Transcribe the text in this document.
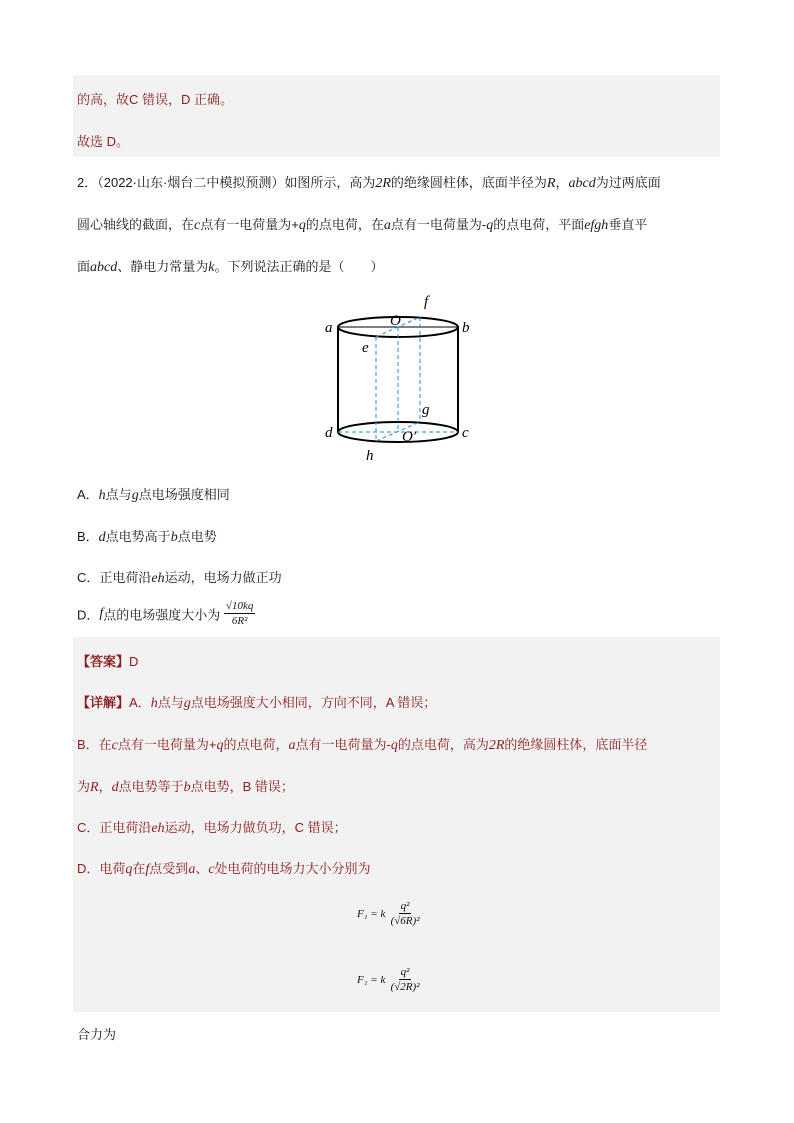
的高，故C 错误，D 正确。
故选 D。
2．（2022·山东·烟台二中模拟预测）如图所示，高为2R的绝缘圆柱体，底面半径为R，abcd为过两底面
圆心轴线的截面，在c点有一电荷量为+q的点电荷，在a点有一电荷量为-q的点电荷，平面efgh垂直平
面abcd、静电力常量为k。下列说法正确的是（　　）
a	b
d	c
e
f
g
h
O
O′
A．h点与g点电场强度相同
B．d点电势高于b点电势
C．正电荷沿eh运动，电场力做正功
D．f点的电场强度大小为 $\frac{√10kq}{\text{6R²}}$
【答案】D
【详解】A．h点与g点电场强度大小相同，方向不同，A 错误；
B．在c点有一电荷量为+q的点电荷，a点有一电荷量为-q的点电荷，高为2R的绝缘圆柱体，底面半径
为R，d点电势等于b点电势，B 错误；
C．正电荷沿eh运动，电场力做负功，C 错误；
D．电荷q在f点受到a、c处电荷的电场力大小分别为
F₁ = k $\frac{\text{q²}}{\text{(√6R)²}}$
F₁ = k $\frac{\text{q²}}{\text{(√2R)²}}$
合力为
